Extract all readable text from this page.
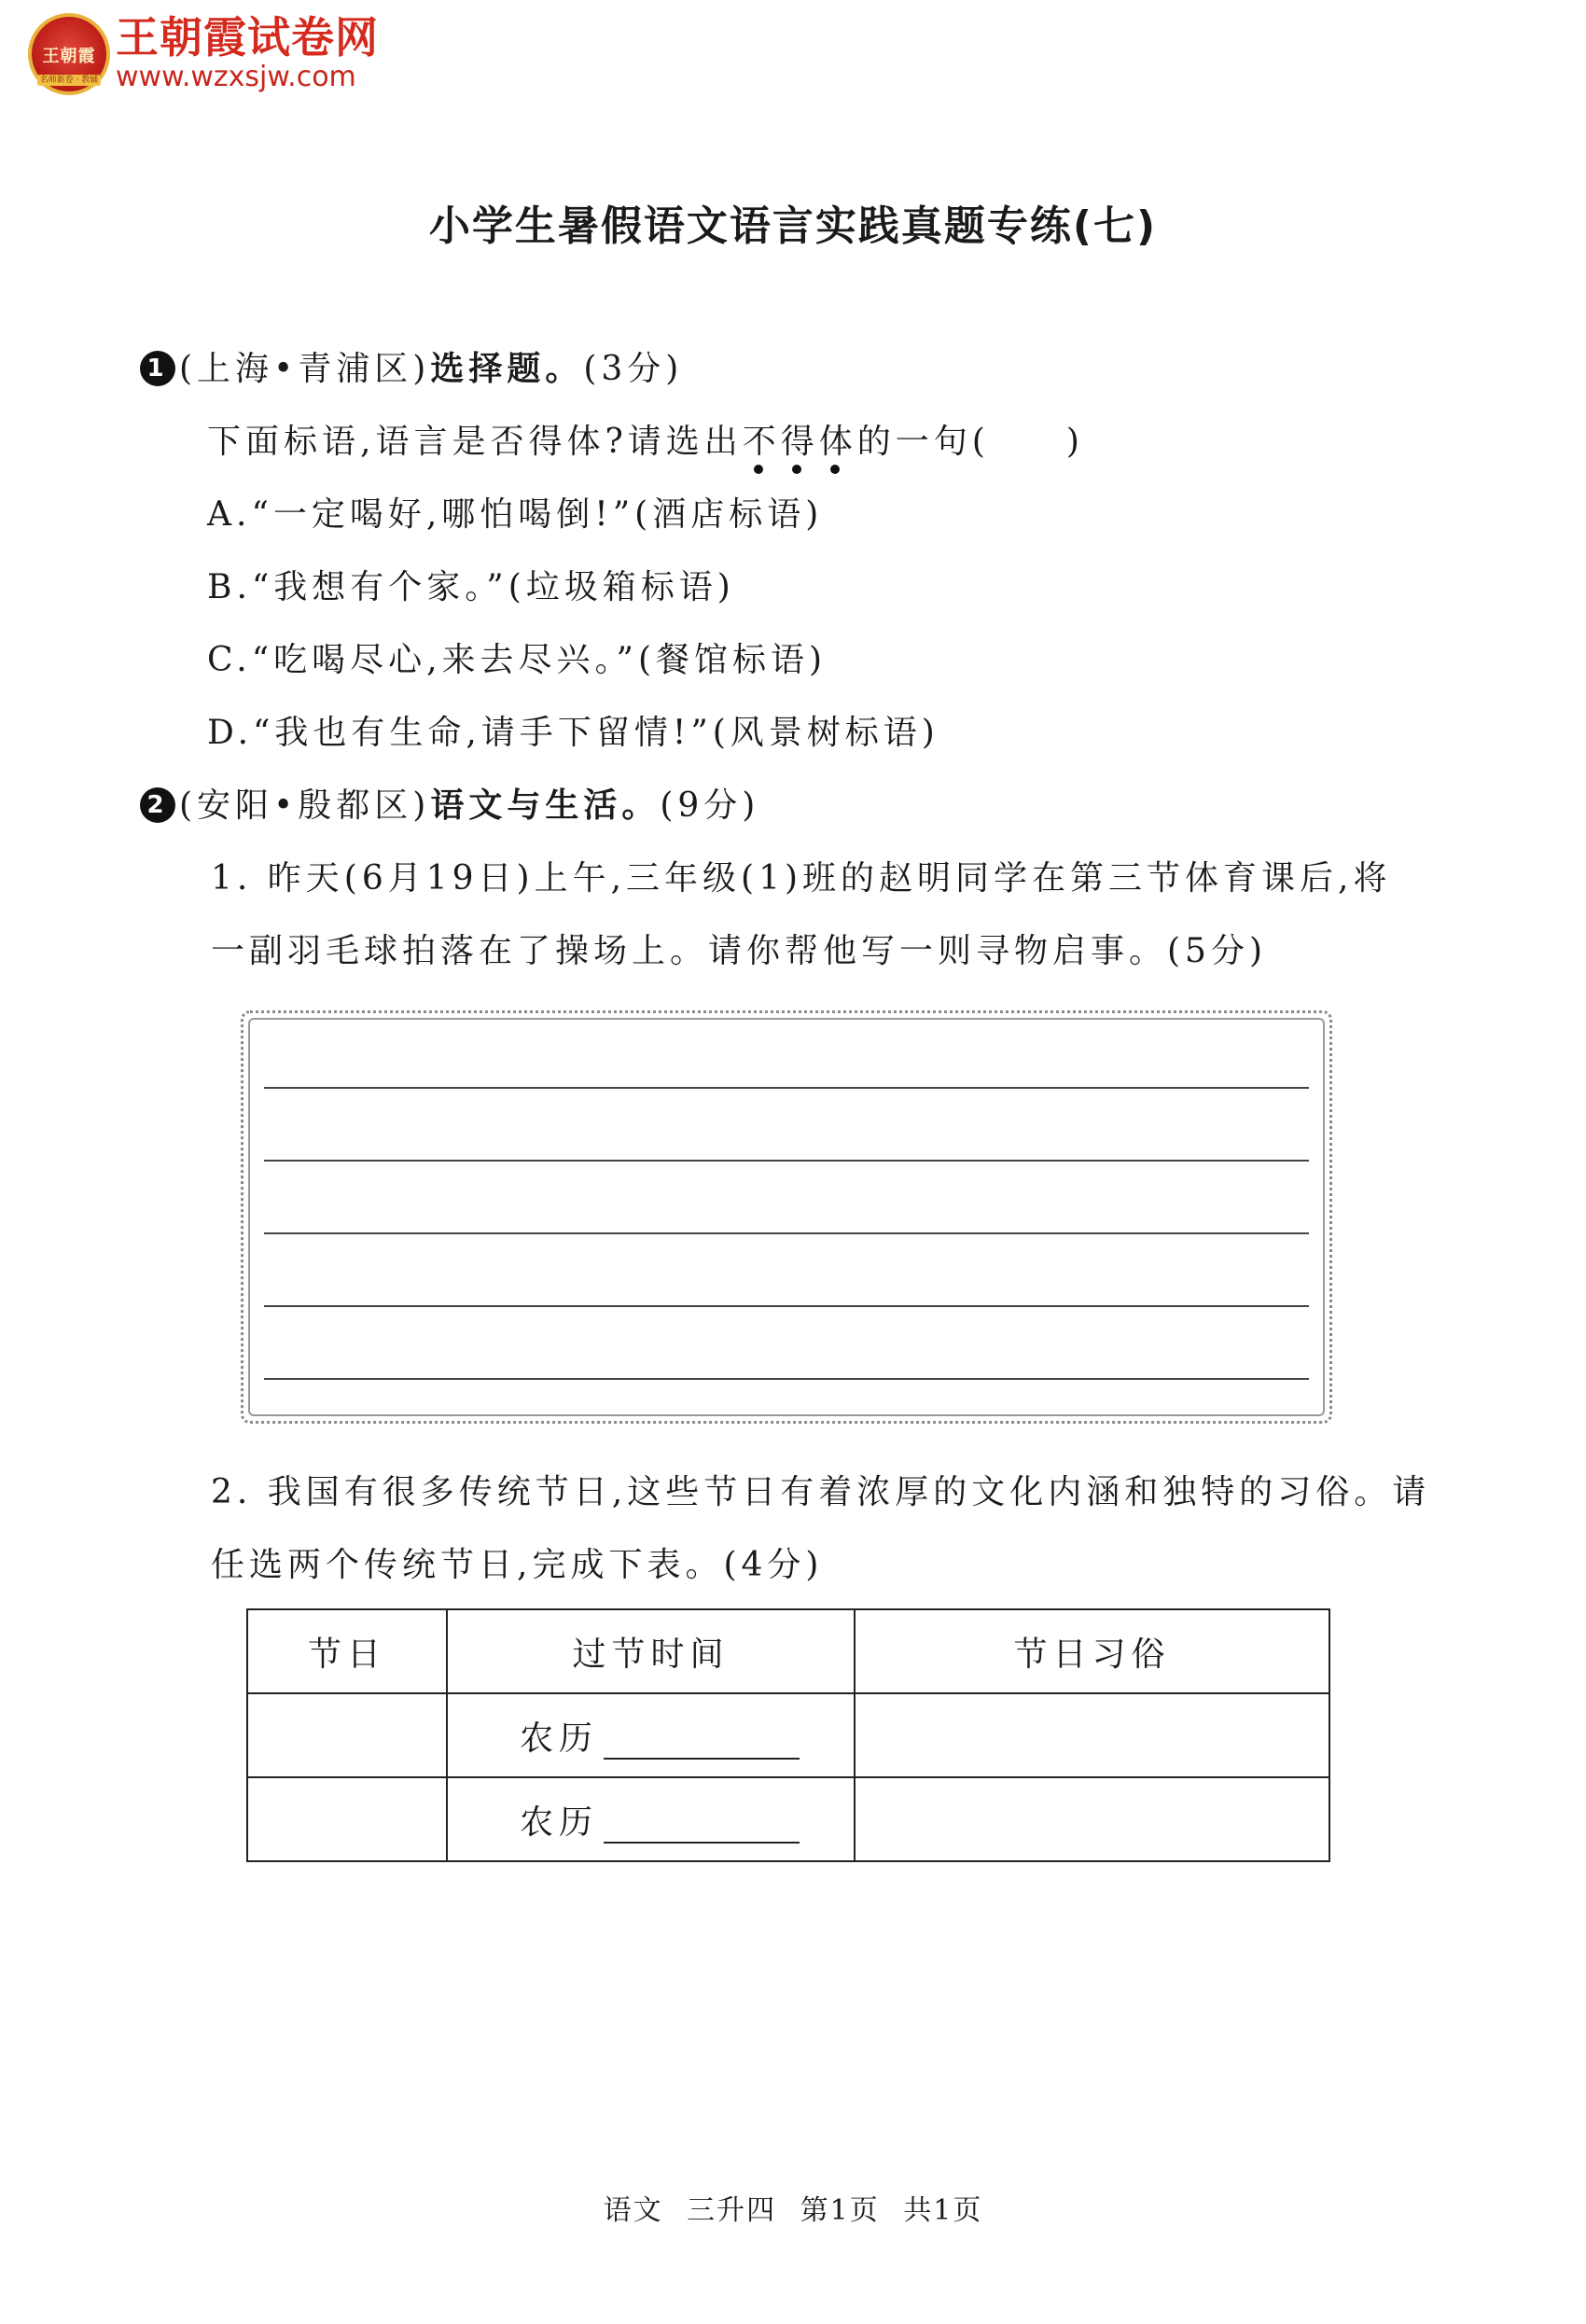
王朝霞
名师新卷 · 教辅
王朝霞试卷网
www.wzxsjw.com
小学生暑假语文语言实践真题专练(七)
1 (上海•青浦区)选择题。(3分)
下面标语,语言是否得体?请选出不得体的一句(　　)
A.“一定喝好,哪怕喝倒!”(酒店标语)
B.“我想有个家。”(垃圾箱标语)
C.“吃喝尽心,来去尽兴。”(餐馆标语)
D.“我也有生命,请手下留情!”(风景树标语)
2 (安阳•殷都区)语文与生活。(9分)
1. 昨天(6月19日)上午,三年级(1)班的赵明同学在第三节体育课后,将
一副羽毛球拍落在了操场上。请你帮他写一则寻物启事。(5分)
2. 我国有很多传统节日,这些节日有着浓厚的文化内涵和独特的习俗。请
任选两个传统节日,完成下表。(4分)
节日	过节时间	节日习俗
	农历	
	农历	
语文 三升四 第1页 共1页
